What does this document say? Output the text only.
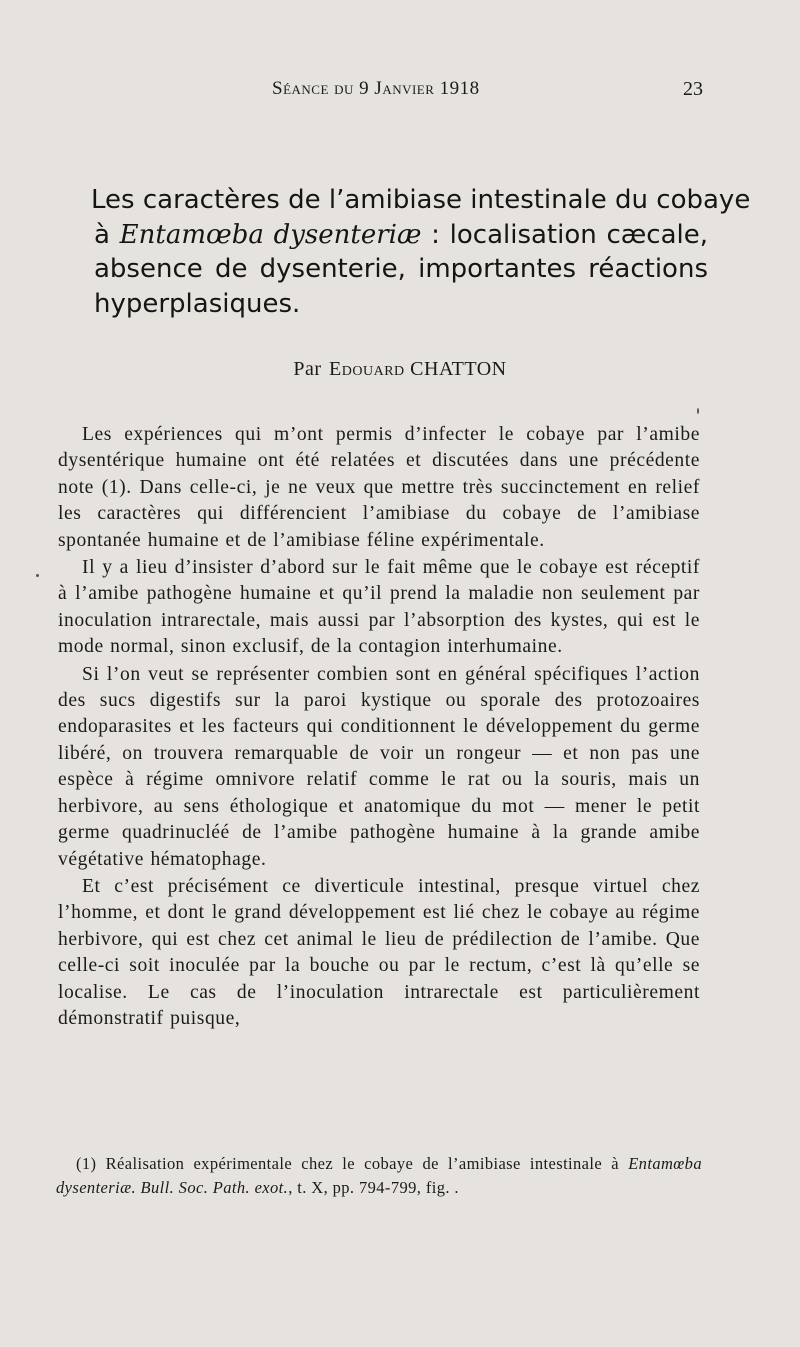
Séance du 9 Janvier 1918	23
Les caractères de l’amibiase intestinale du cobaye
à Entamœba dysenteriæ : localisation cæcale,
absence de dysenterie, importantes réactions
hyperplasiques.
Par Edouard CHATTON

Les expériences qui m’ont permis d’infecter le cobaye par l’amibe dysentérique humaine ont été relatées et discutées dans une précédente note (1). Dans celle-ci, je ne veux que mettre très succinctement en relief les caractères qui différencient l’amibiase du cobaye de l’amibiase spontanée humaine et de l’amibiase féline expérimentale.

Il y a lieu d’insister d’abord sur le fait même que le cobaye est réceptif à l’amibe pathogène humaine et qu’il prend la maladie non seulement par inoculation intrarectale, mais aussi par l’absorption des kystes, qui est le mode normal, sinon exclusif, de la contagion interhumaine.

Si l’on veut se représenter combien sont en général spécifiques l’action des sucs digestifs sur la paroi kystique ou sporale des protozoaires endoparasites et les facteurs qui conditionnent le développement du germe libéré, on trouvera remarquable de voir un rongeur — et non pas une espèce à régime omnivore relatif comme le rat ou la souris, mais un herbivore, au sens éthologique et anatomique du mot — mener le petit germe quadrinucléé de l’amibe pathogène humaine à la grande amibe végétative hématophage.

Et c’est précisément ce diverticule intestinal, presque virtuel chez l’homme, et dont le grand développement est lié chez le cobaye au régime herbivore, qui est chez cet animal le lieu de prédilection de l’amibe. Que celle-ci soit inoculée par la bouche ou par le rectum, c’est là qu’elle se localise. Le cas de l’inoculation intrarectale est particulièrement démonstratif puisque,

(1) Réalisation expérimentale chez le cobaye de l’amibiase intestinale à Entamœba dysenteriæ. Bull. Soc. Path. exot., t. X, pp. 794-799, fig. .
